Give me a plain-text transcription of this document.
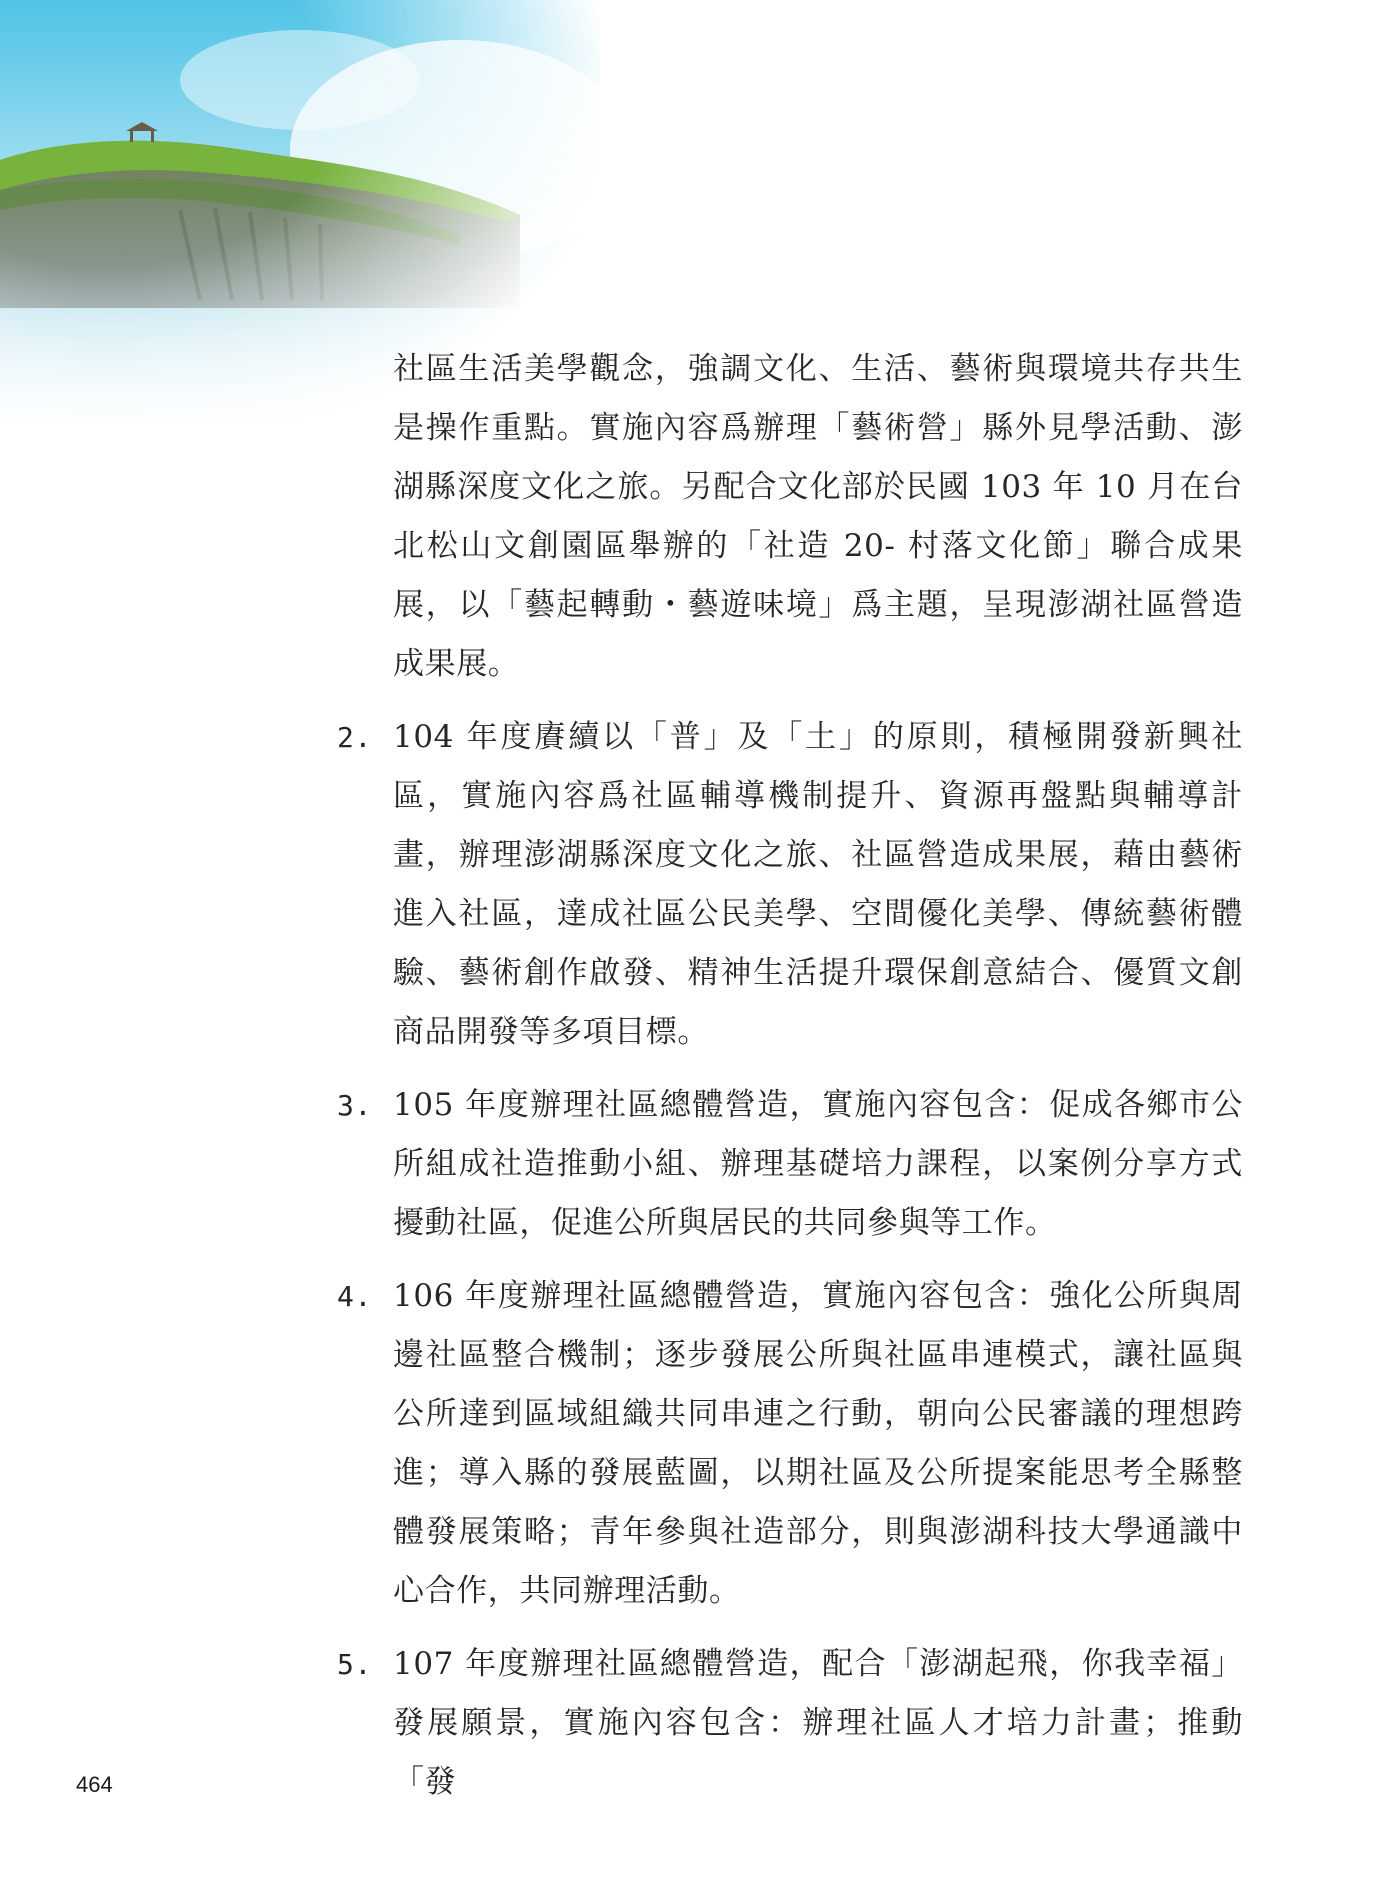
社區生活美學觀念，強調文化、生活、藝術與環境共存共生是操作重點。實施內容爲辦理「藝術營」縣外見學活動、澎湖縣深度文化之旅。另配合文化部於民國 103 年 10 月在台北松山文創園區舉辦的「社造 20- 村落文化節」聯合成果展，以「藝起轉動・藝遊味境」爲主題，呈現澎湖社區營造成果展。

2. 104 年度賡續以「普」及「土」的原則，積極開發新興社區，實施內容爲社區輔導機制提升、資源再盤點與輔導計畫，辦理澎湖縣深度文化之旅、社區營造成果展，藉由藝術進入社區，達成社區公民美學、空間優化美學、傳統藝術體驗、藝術創作啟發、精神生活提升環保創意結合、優質文創商品開發等多項目標。
3. 105 年度辦理社區總體營造，實施內容包含：促成各鄉市公所組成社造推動小組、辦理基礎培力課程，以案例分享方式擾動社區，促進公所與居民的共同參與等工作。
4. 106 年度辦理社區總體營造，實施內容包含：強化公所與周邊社區整合機制；逐步發展公所與社區串連模式，讓社區與公所達到區域組織共同串連之行動，朝向公民審議的理想跨進；導入縣的發展藍圖，以期社區及公所提案能思考全縣整體發展策略；青年參與社造部分，則與澎湖科技大學通識中心合作，共同辦理活動。
5. 107 年度辦理社區總體營造，配合「澎湖起飛，你我幸福」發展願景，實施內容包含：辦理社區人才培力計畫；推動「發
464
